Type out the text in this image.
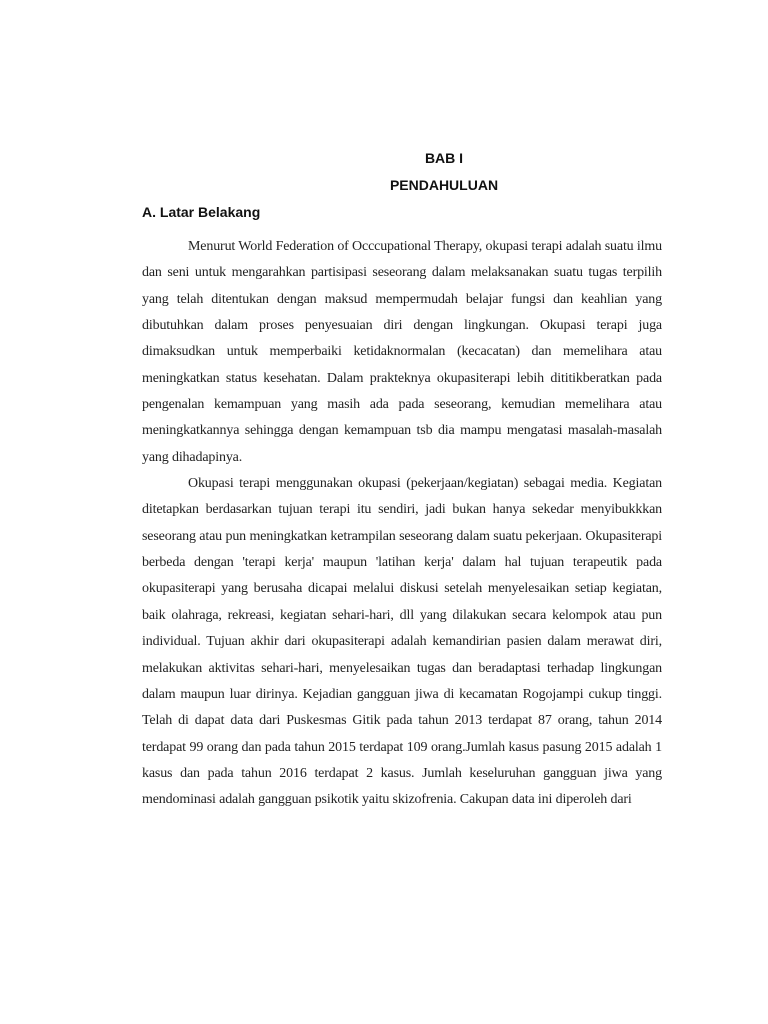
BAB I
PENDAHULUAN
A. Latar Belakang

Menurut World Federation of Occcupational Therapy, okupasi terapi adalah suatu ilmu dan seni untuk mengarahkan partisipasi seseorang dalam melaksanakan suatu tugas terpilih yang telah ditentukan dengan maksud mempermudah belajar fungsi dan keahlian yang dibutuhkan dalam proses penyesuaian diri dengan lingkungan. Okupasi terapi juga dimaksudkan untuk memperbaiki ketidaknormalan (kecacatan) dan memelihara atau meningkatkan status kesehatan. Dalam prakteknya okupasiterapi lebih dititikberatkan pada pengenalan kemampuan yang masih ada pada seseorang, kemudian memelihara atau meningkatkannya sehingga dengan kemampuan tsb dia mampu mengatasi masalah-masalah yang dihadapinya.

Okupasi terapi menggunakan okupasi (pekerjaan/kegiatan) sebagai media. Kegiatan ditetapkan berdasarkan tujuan terapi itu sendiri, jadi bukan hanya sekedar menyibukkkan seseorang atau pun meningkatkan ketrampilan seseorang dalam suatu pekerjaan. Okupasiterapi berbeda dengan 'terapi kerja' maupun 'latihan kerja' dalam hal tujuan terapeutik pada okupasiterapi yang berusaha dicapai melalui diskusi setelah menyelesaikan setiap kegiatan, baik olahraga, rekreasi, kegiatan sehari-hari, dll yang dilakukan secara kelompok atau pun individual. Tujuan akhir dari okupasiterapi adalah kemandirian pasien dalam merawat diri, melakukan aktivitas sehari-hari, menyelesaikan tugas dan beradaptasi terhadap lingkungan dalam maupun luar dirinya. Kejadian gangguan jiwa di kecamatan Rogojampi cukup tinggi. Telah di dapat data dari Puskesmas Gitik pada tahun 2013 terdapat 87 orang, tahun 2014 terdapat 99 orang dan pada tahun 2015 terdapat 109 orang.Jumlah kasus pasung 2015 adalah 1 kasus dan pada tahun 2016 terdapat 2 kasus. Jumlah keseluruhan gangguan jiwa yang mendominasi adalah gangguan psikotik yaitu skizofrenia. Cakupan data ini diperoleh dari
